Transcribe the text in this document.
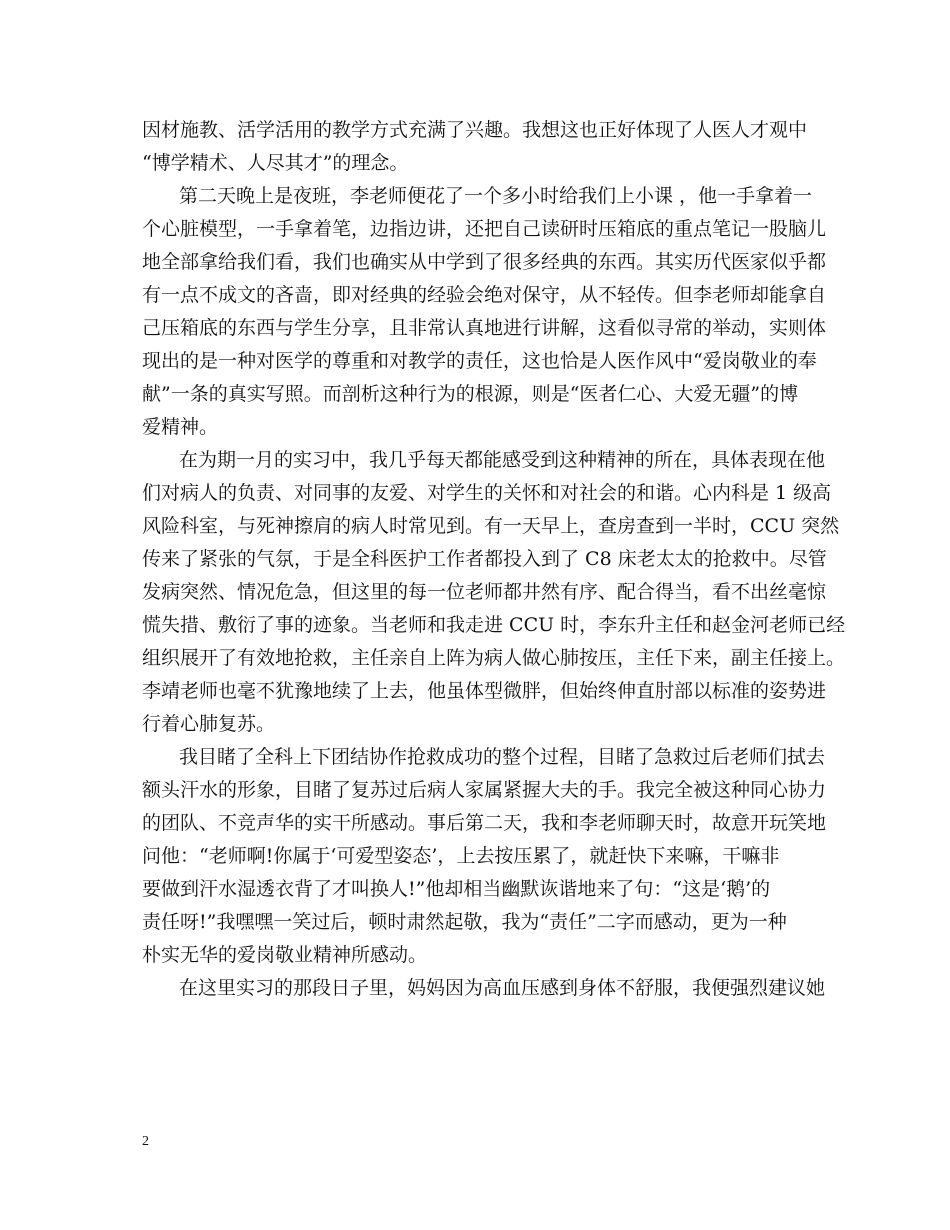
因材施教、活学活用的教学方式充满了兴趣。我想这也正好体现了人医人才观中
“博学精术、人尽其才”的理念。
第二天晚上是夜班，李老师便花了一个多小时给我们上小课 ，他一手拿着一
个心脏模型，一手拿着笔，边指边讲，还把自己读研时压箱底的重点笔记一股脑儿
地全部拿给我们看，我们也确实从中学到了很多经典的东西。其实历代医家似乎都
有一点不成文的吝啬，即对经典的经验会绝对保守，从不轻传。但李老师却能拿自
己压箱底的东西与学生分享，且非常认真地进行讲解，这看似寻常的举动，实则体
现出的是一种对医学的尊重和对教学的责任，这也恰是人医作风中“爱岗敬业的奉
献”一条的真实写照。而剖析这种行为的根源，则是“医者仁心、大爱无疆”的博
爱精神。
在为期一月的实习中，我几乎每天都能感受到这种精神的所在，具体表现在他
们对病人的负责、对同事的友爱、对学生的关怀和对社会的和谐。心内科是 1 级高
风险科室，与死神擦肩的病人时常见到。有一天早上，查房查到一半时，CCU 突然
传来了紧张的气氛，于是全科医护工作者都投入到了 C8 床老太太的抢救中。尽管
发病突然、情况危急，但这里的每一位老师都井然有序、配合得当，看不出丝毫惊
慌失措、敷衍了事的迹象。当老师和我走进 CCU 时，李东升主任和赵金河老师已经
组织展开了有效地抢救，主任亲自上阵为病人做心肺按压，主任下来，副主任接上。
李靖老师也毫不犹豫地续了上去，他虽体型微胖，但始终伸直肘部以标准的姿势进
行着心肺复苏。
我目睹了全科上下团结协作抢救成功的整个过程，目睹了急救过后老师们拭去
额头汗水的形象，目睹了复苏过后病人家属紧握大夫的手。我完全被这种同心协力
的团队、不竞声华的实干所感动。事后第二天，我和李老师聊天时，故意开玩笑地
问他：“老师啊!你属于‘可爱型姿态’，上去按压累了，就赶快下来嘛，干嘛非
要做到汗水湿透衣背了才叫换人!”他却相当幽默诙谐地来了句：“这是‘鹅’的
责任呀!”我嘿嘿一笑过后，顿时肃然起敬，我为“责任”二字而感动，更为一种
朴实无华的爱岗敬业精神所感动。
在这里实习的那段日子里，妈妈因为高血压感到身体不舒服，我便强烈建议她
2
